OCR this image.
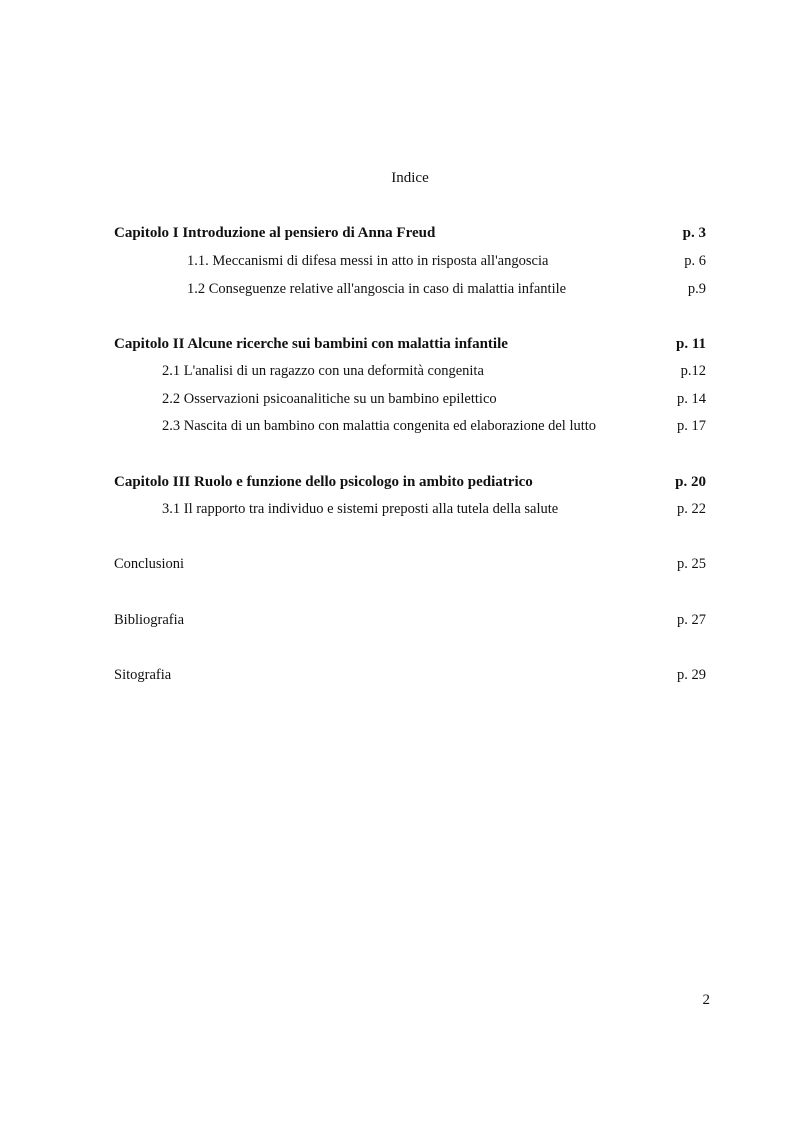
Indice
Capitolo I Introduzione al pensiero di Anna Freud	p. 3
1.1. Meccanismi di difesa messi in atto in risposta all'angoscia	p. 6
1.2 Conseguenze relative all'angoscia in caso di malattia infantile	p.9
Capitolo II Alcune ricerche sui bambini con malattia infantile	p. 11
2.1 L'analisi di un ragazzo con una deformità congenita	p.12
2.2 Osservazioni psicoanalitiche su un bambino epilettico	p. 14
2.3 Nascita di un bambino con malattia congenita ed elaborazione del lutto	p. 17
Capitolo III Ruolo e funzione dello psicologo in ambito pediatrico	p. 20
3.1 Il rapporto tra individuo e sistemi preposti alla tutela della salute	p. 22
Conclusioni	p. 25
Bibliografia	p. 27
Sitografia	p. 29
2
